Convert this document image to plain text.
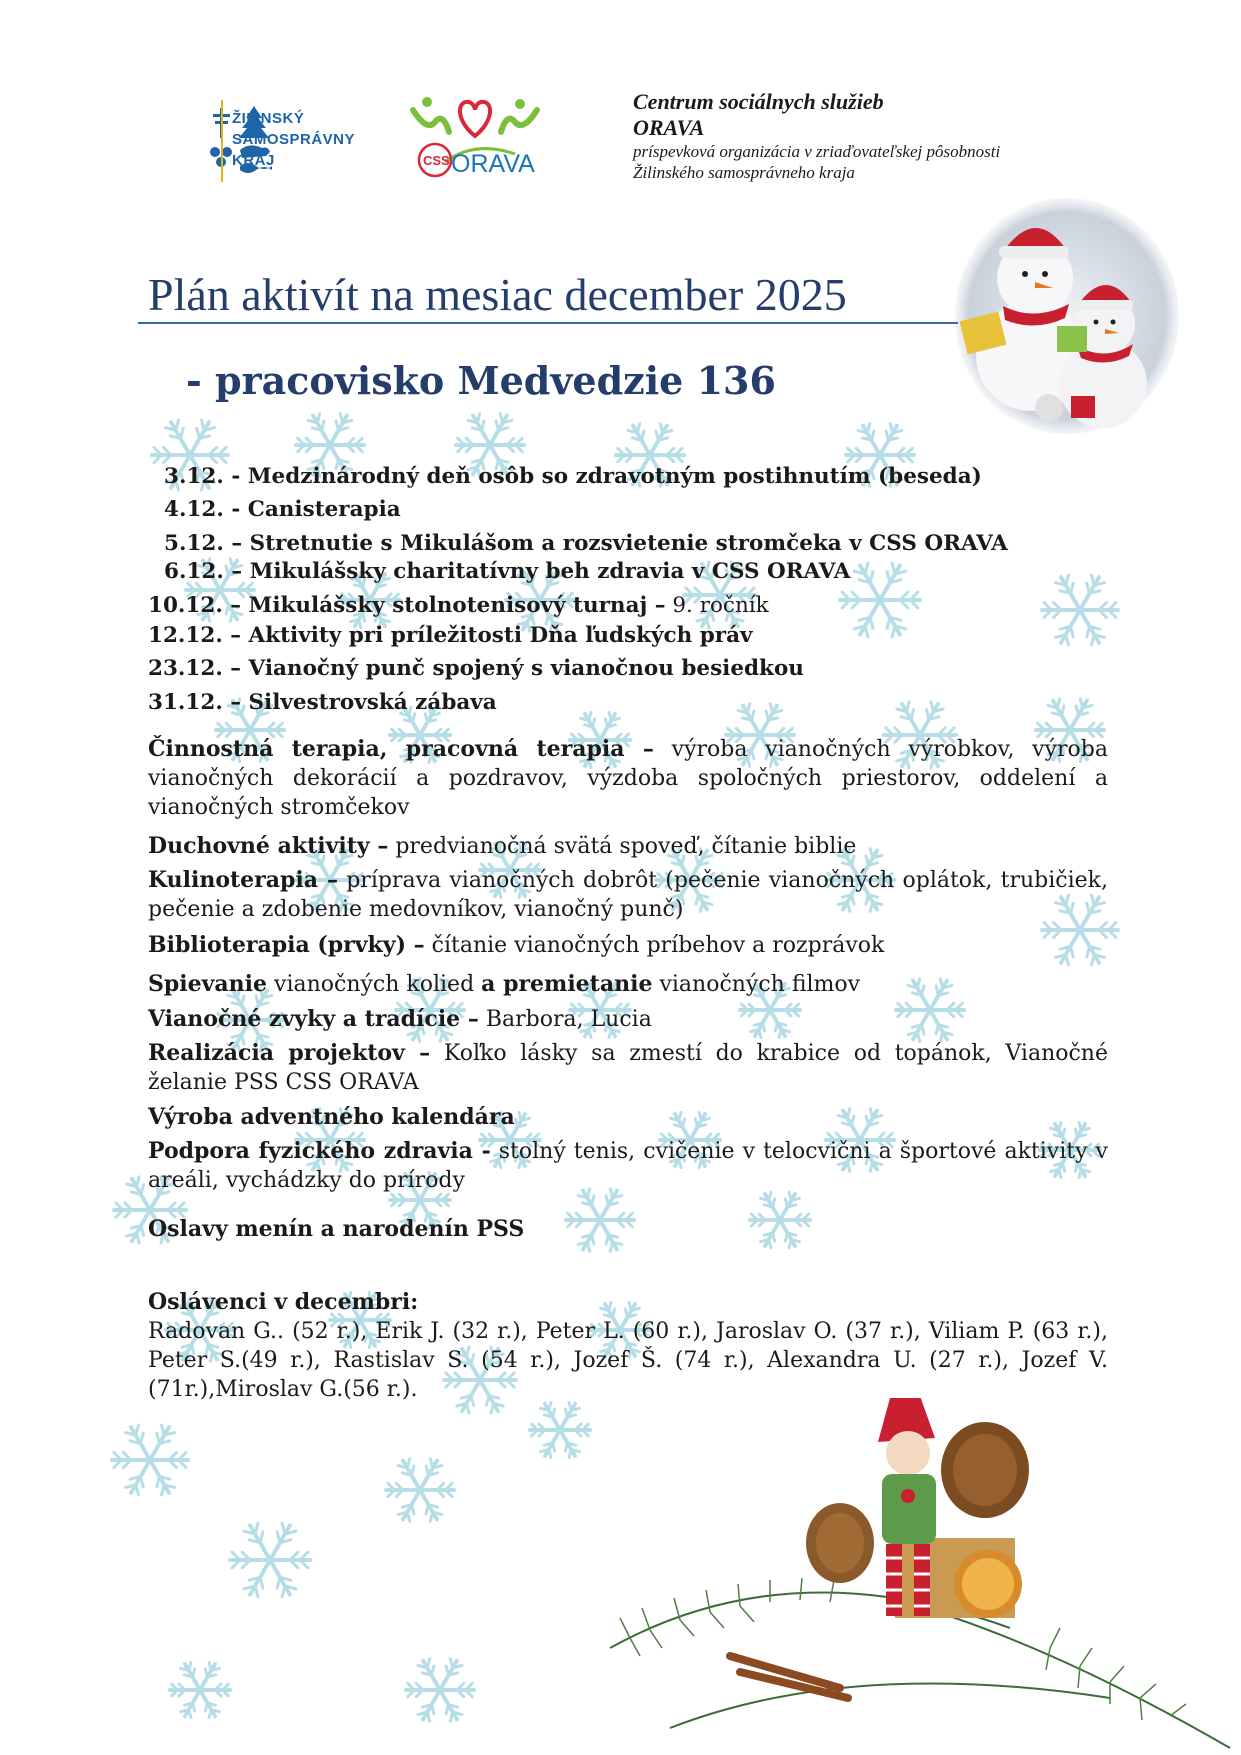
ŽILINSKÝ
SAMOSPRÁVNY
KRAJ	CSS ORAVA
Centrum sociálnych služieb
ORAVA
príspevková organizácia v zriaďovateľskej pôsobnosti
Žilinského samosprávneho kraja
Plán aktivít na mesiac december 2025
- pracovisko Medvedzie 136
3.12. - Medzinárodný deň osôb so zdravotným postihnutím (beseda)
4.12. - Canisterapia
5.12. – Stretnutie s Mikulášom a rozsvietenie stromčeka v CSS ORAVA
6.12. – Mikulášsky charitatívny beh zdravia v CSS ORAVA
10.12. – Mikulášsky stolnotenisový turnaj – 9. ročník
12.12. – Aktivity pri príležitosti Dňa ľudských práv
23.12. – Vianočný punč spojený s vianočnou besiedkou
31.12. – Silvestrovská zábava
Činnostná terapia, pracovná terapia – výroba vianočných výrobkov, výroba vianočných dekorácií a pozdravov, výzdoba spoločných priestorov, oddelení a vianočných stromčekov
Duchovné aktivity – predvianočná svätá spoveď, čítanie biblie
Kulinoterapia – príprava vianočných dobrôt (pečenie vianočných oplátok, trubičiek, pečenie a zdobenie medovníkov, vianočný punč)
Biblioterapia (prvky) – čítanie vianočných príbehov a rozprávok
Spievanie vianočných kolied a premietanie vianočných filmov
Vianočné zvyky a tradície – Barbora, Lucia
Realizácia projektov – Koľko lásky sa zmestí do krabice od topánok, Vianočné želanie PSS CSS ORAVA
Výroba adventného kalendára
Podpora fyzického zdravia - stolný tenis, cvičenie v telocvični a športové aktivity v areáli, vychádzky do prírody
Oslavy menín a narodenín PSS
Oslávenci v decembri:
Radovan G.. (52 r.), Erik J. (32 r.), Peter L. (60 r.), Jaroslav O. (37 r.), Viliam P. (63 r.), Peter S.(49 r.), Rastislav S. (54 r.), Jozef Š. (74 r.), Alexandra U. (27 r.), Jozef V.(71r.),Miroslav G.(56 r.).
